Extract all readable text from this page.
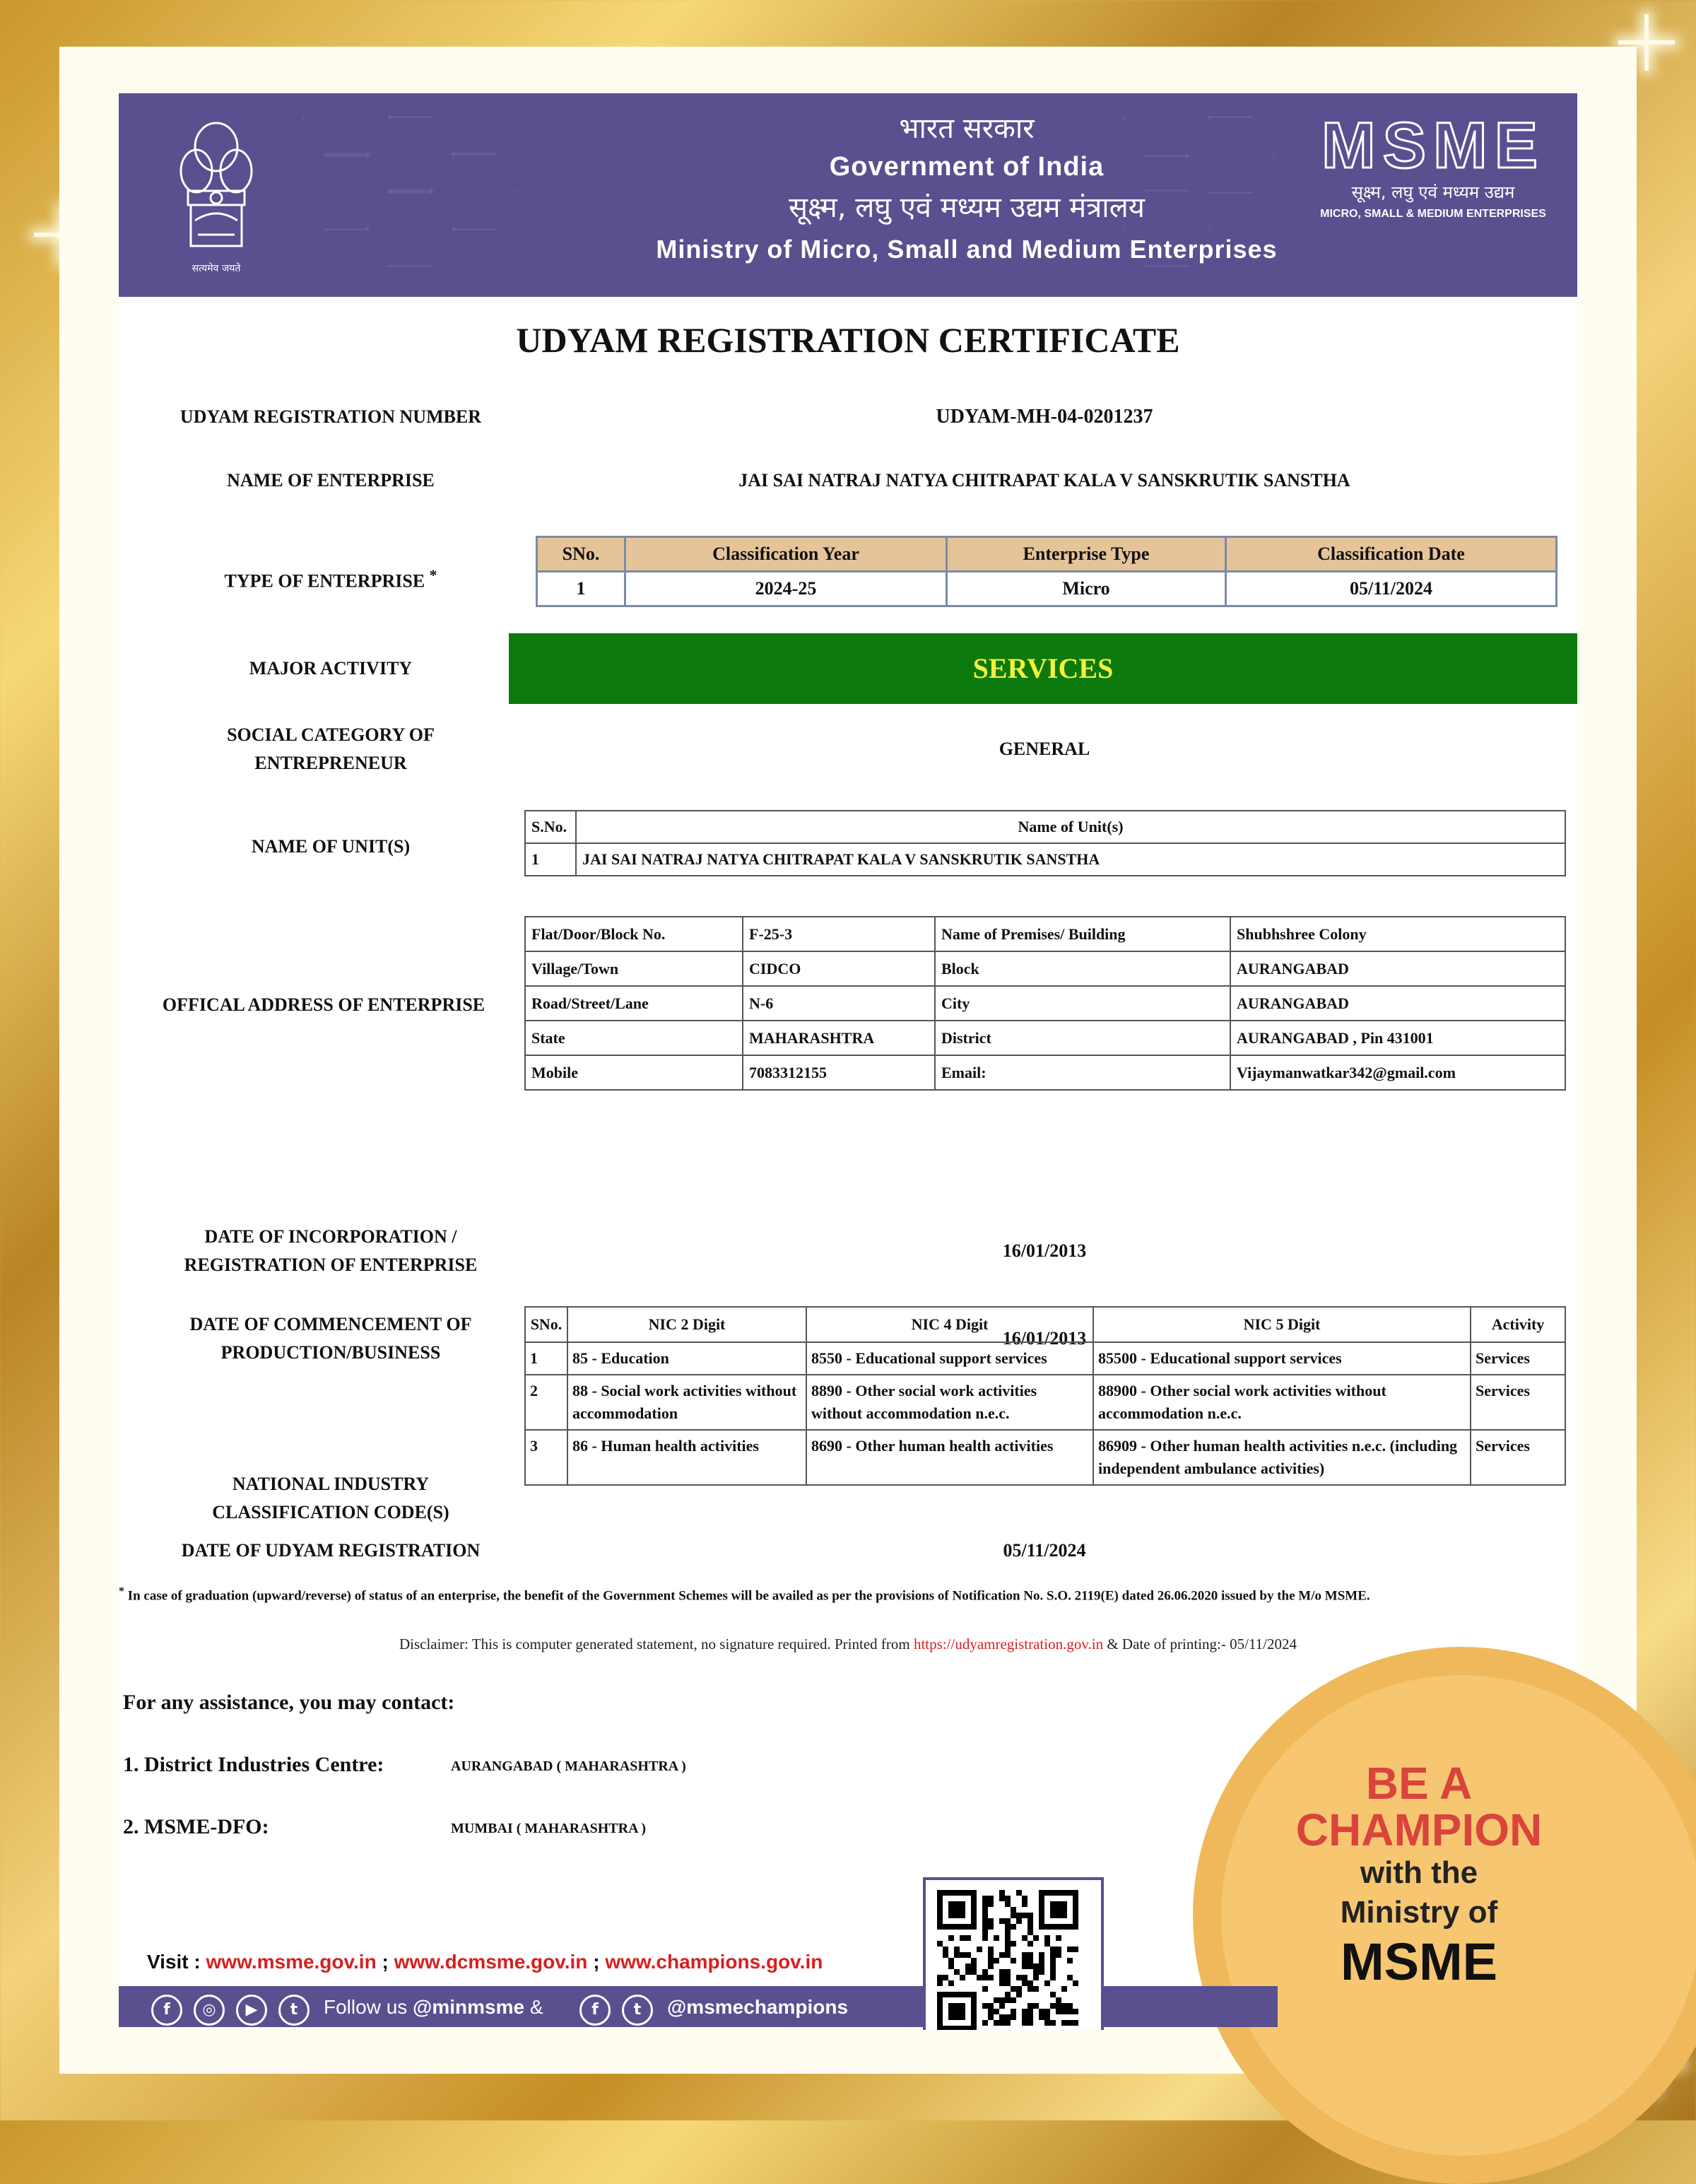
सत्यमेव जयते
भारत सरकार
Government of India
सूक्ष्म, लघु एवं मध्यम उद्यम मंत्रालय
Ministry of Micro, Small and Medium Enterprises
MSME
सूक्ष्म, लघु एवं मध्यम उद्यम
MICRO, SMALL & MEDIUM ENTERPRISES
UDYAM REGISTRATION CERTIFICATE
UDYAM REGISTRATION NUMBER	UDYAM-MH-04-0201237
NAME OF ENTERPRISE	JAI SAI NATRAJ NATYA CHITRAPAT KALA V SANSKRUTIK SANSTHA
TYPE OF ENTERPRISE *
SNo.	Classification Year	Enterprise Type	Classification Date
1	2024-25	Micro	05/11/2024
MAJOR ACTIVITY	SERVICES
SOCIAL CATEGORY OF
ENTREPRENEUR
GENERAL
NAME OF UNIT(S)
S.No.	Name of Unit(s)
1	JAI SAI NATRAJ NATYA CHITRAPAT KALA V SANSKRUTIK SANSTHA
OFFICAL ADDRESS OF ENTERPRISE
Flat/Door/Block No.	F-25-3	Name of Premises/ Building	Shubhshree Colony
Village/Town	CIDCO	Block	AURANGABAD
Road/Street/Lane	N-6	City	AURANGABAD
State	MAHARASHTRA	District	AURANGABAD , Pin 431001
Mobile	7083312155	Email:	Vijaymanwatkar342@gmail.com
DATE OF INCORPORATION /
REGISTRATION OF ENTERPRISE
16/01/2013
DATE OF COMMENCEMENT OF
PRODUCTION/BUSINESS
16/01/2013
NATIONAL INDUSTRY
CLASSIFICATION CODE(S)
SNo.	NIC 2 Digit	NIC 4 Digit	NIC 5 Digit	Activity
1	85 - Education	8550 - Educational support services	85500 - Educational support services	Services
2	88 - Social work activities without accommodation	8890 - Other social work activities without accommodation n.e.c.	88900 - Other social work activities without accommodation n.e.c.	Services
3	86 - Human health activities	8690 - Other human health activities	86909 - Other human health activities n.e.c. (including independent ambulance activities)	Services
DATE OF UDYAM REGISTRATION	05/11/2024
* In case of graduation (upward/reverse) of status of an enterprise, the benefit of the Government Schemes will be availed as per the provisions of Notification No. S.O. 2119(E) dated 26.06.2020 issued by the M/o MSME.
Disclaimer: This is computer generated statement, no signature required. Printed from https://udyamregistration.gov.in & Date of printing:- 05/11/2024
For any assistance, you may contact:
1. District Industries Centre:	AURANGABAD ( MAHARASHTRA )
2. MSME-DFO:	MUMBAI ( MAHARASHTRA )
BE A
CHAMPION
with the
Ministry of
MSME
Visit : www.msme.gov.in ; www.dcmsme.gov.in ; www.champions.gov.in
f	◎	▶	t	Follow us @minmsme &	f	t	@msmechampions
